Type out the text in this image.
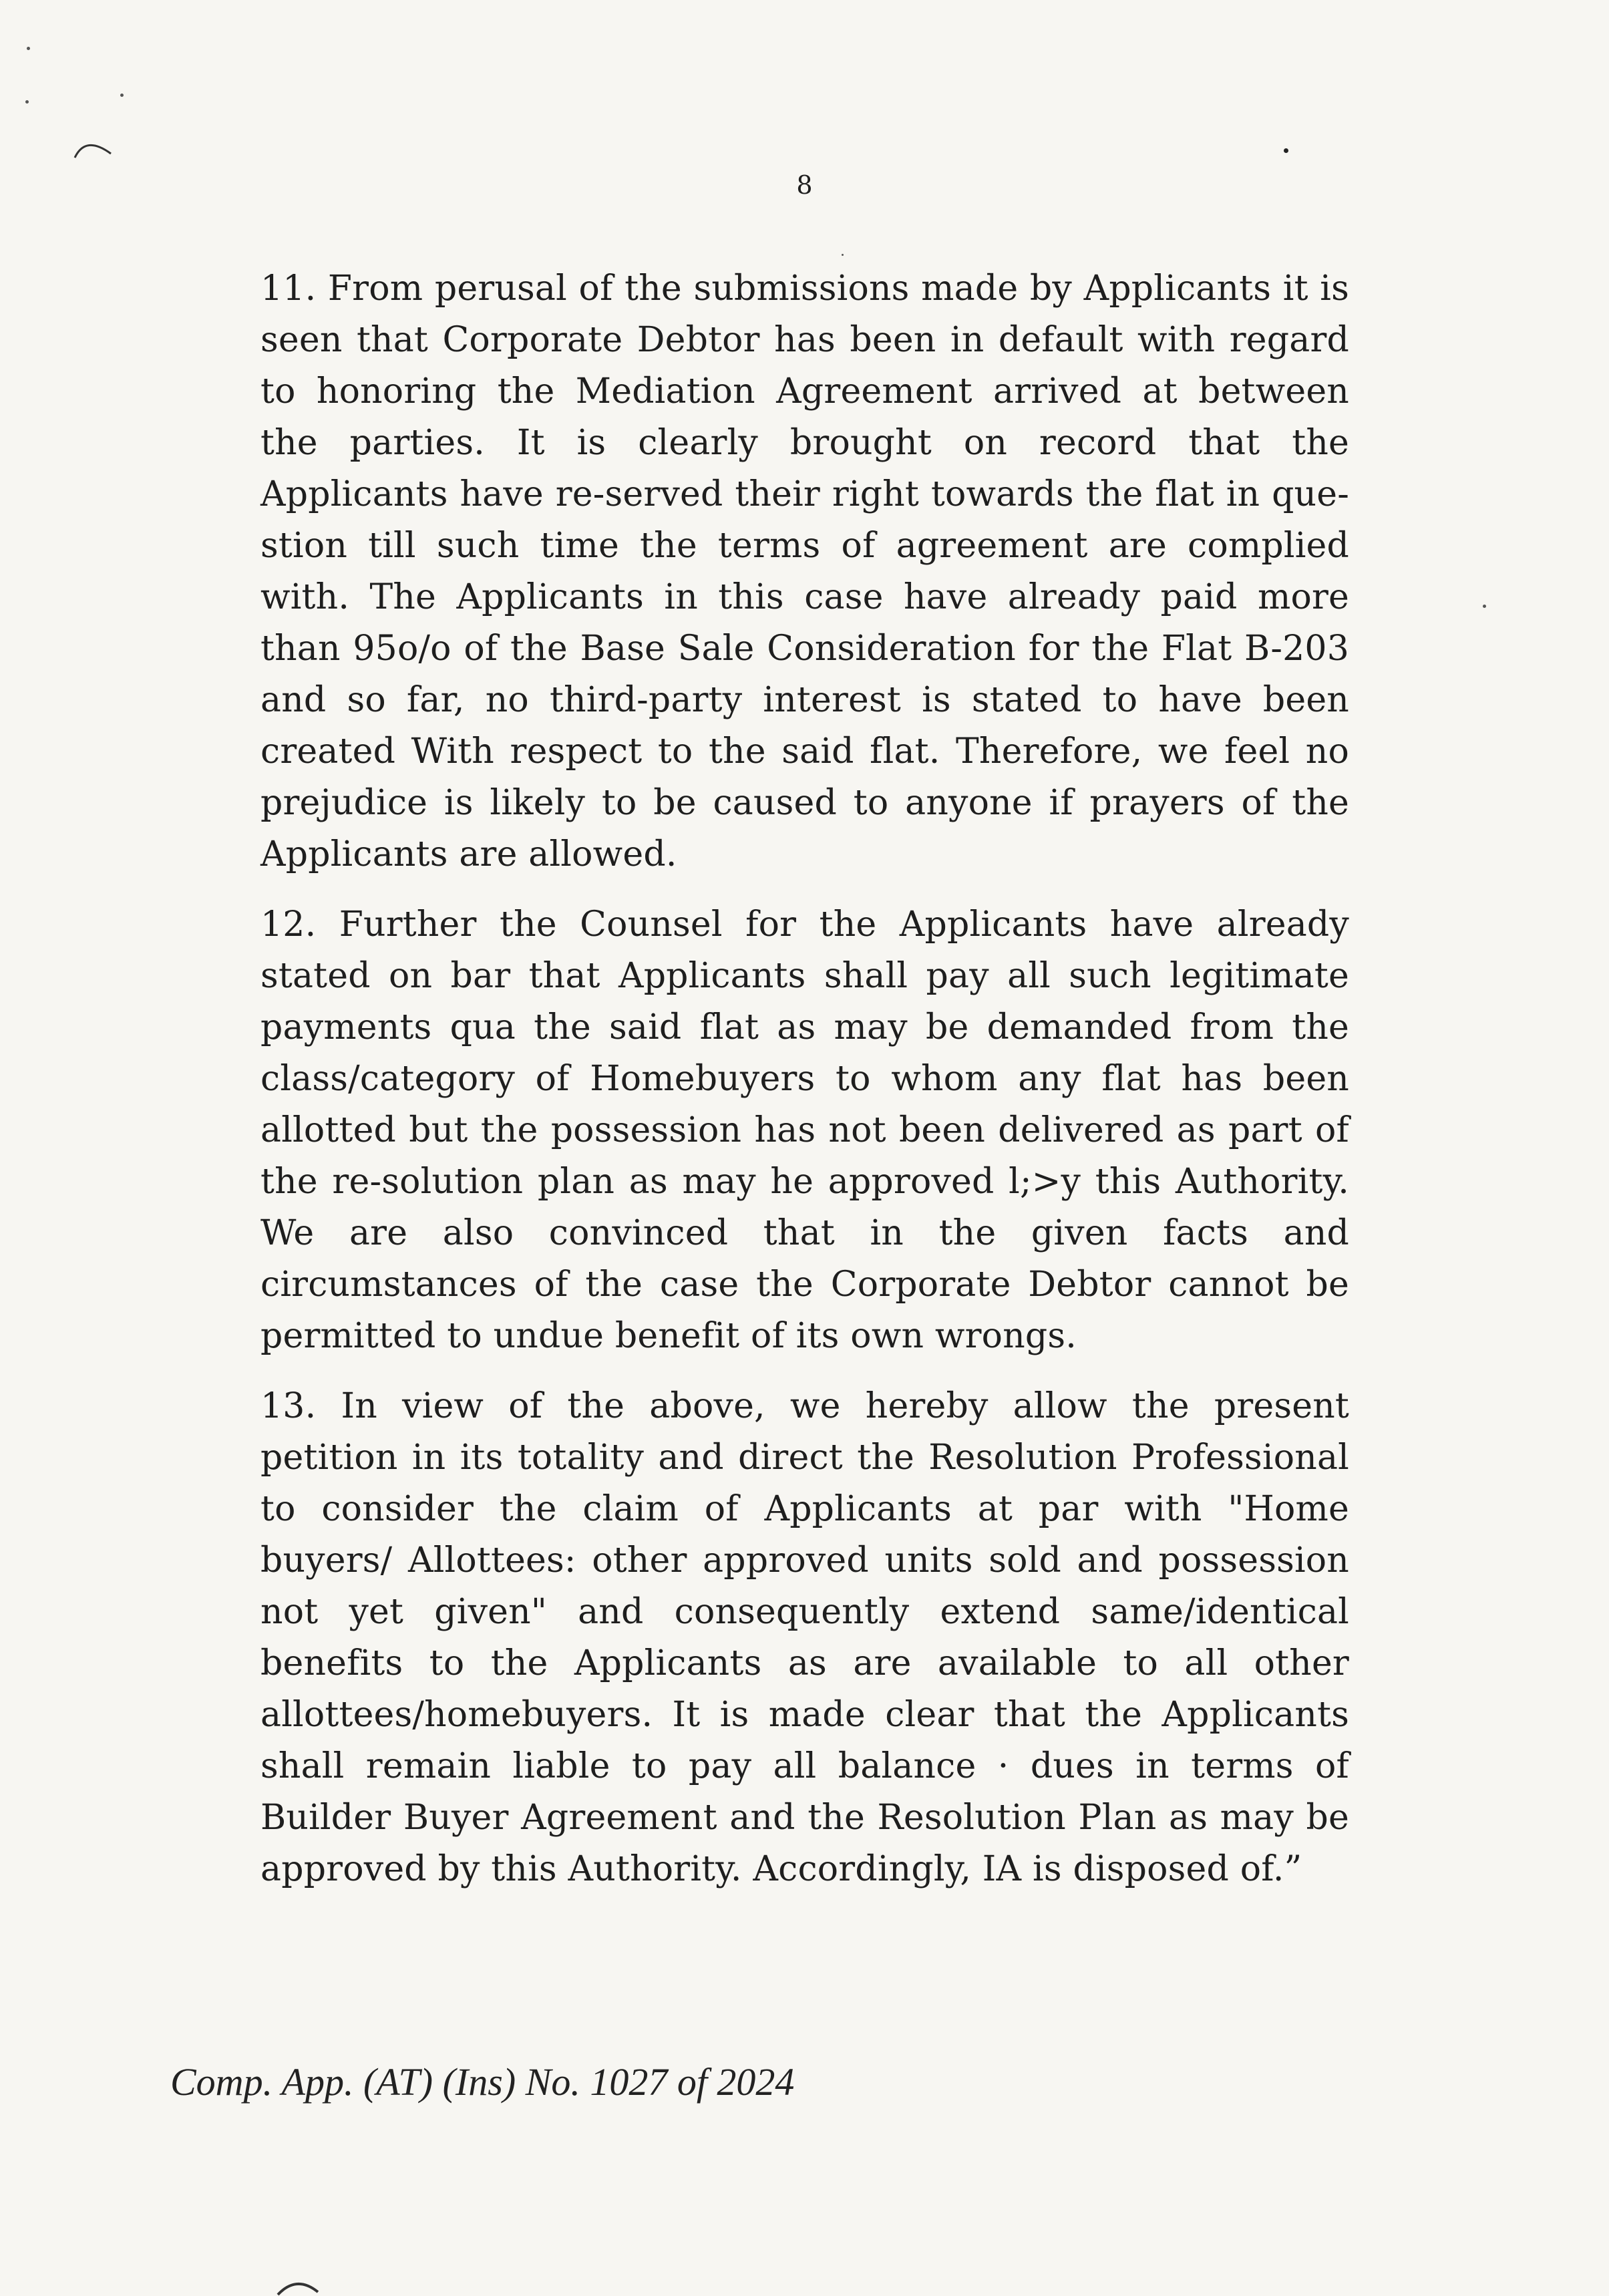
8

11. From perusal of the submissions made by Applicants it is seen that Corporate Debtor has been in default with regard to honoring the Mediation Agreement arrived at between the parties. It is clearly brought on record that the Applicants have re-served their right towards the flat in que-stion till such time the terms of agreement are complied with. The Applicants in this case have already paid more than 95o/o of the Base Sale Consideration for the Flat B-203 and so far, no third-party interest is stated to have been created With respect to the said flat. Therefore, we feel no prejudice is likely to be caused to anyone if prayers of the Applicants are allowed.

12. Further the Counsel for the Applicants have already stated on bar that Applicants shall pay all such legitimate payments qua the said flat as may be demanded from the class/category of Homebuyers to whom any flat has been allotted but the possession has not been delivered as part of the re-solution plan as may he approved l;>y this Authority. We are also convinced that in the given facts and circumstances of the case the Corporate Debtor cannot be permitted to undue benefit of its own wrongs.

13. In view of the above, we hereby allow the present petition in its totality and direct the Resolution Professional to consider the claim of Applicants at par with "Home buyers/ Allottees: other approved units sold and possession not yet given" and consequently extend same/identical benefits to the Applicants as are available to all other allottees/homebuyers. It is made clear that the Applicants shall remain liable to pay all balance · dues in terms of Builder Buyer Agreement and the Resolution Plan as may be approved by this Authority. Accordingly, IA is disposed of.”

Comp. App. (AT) (Ins) No. 1027 of 2024
